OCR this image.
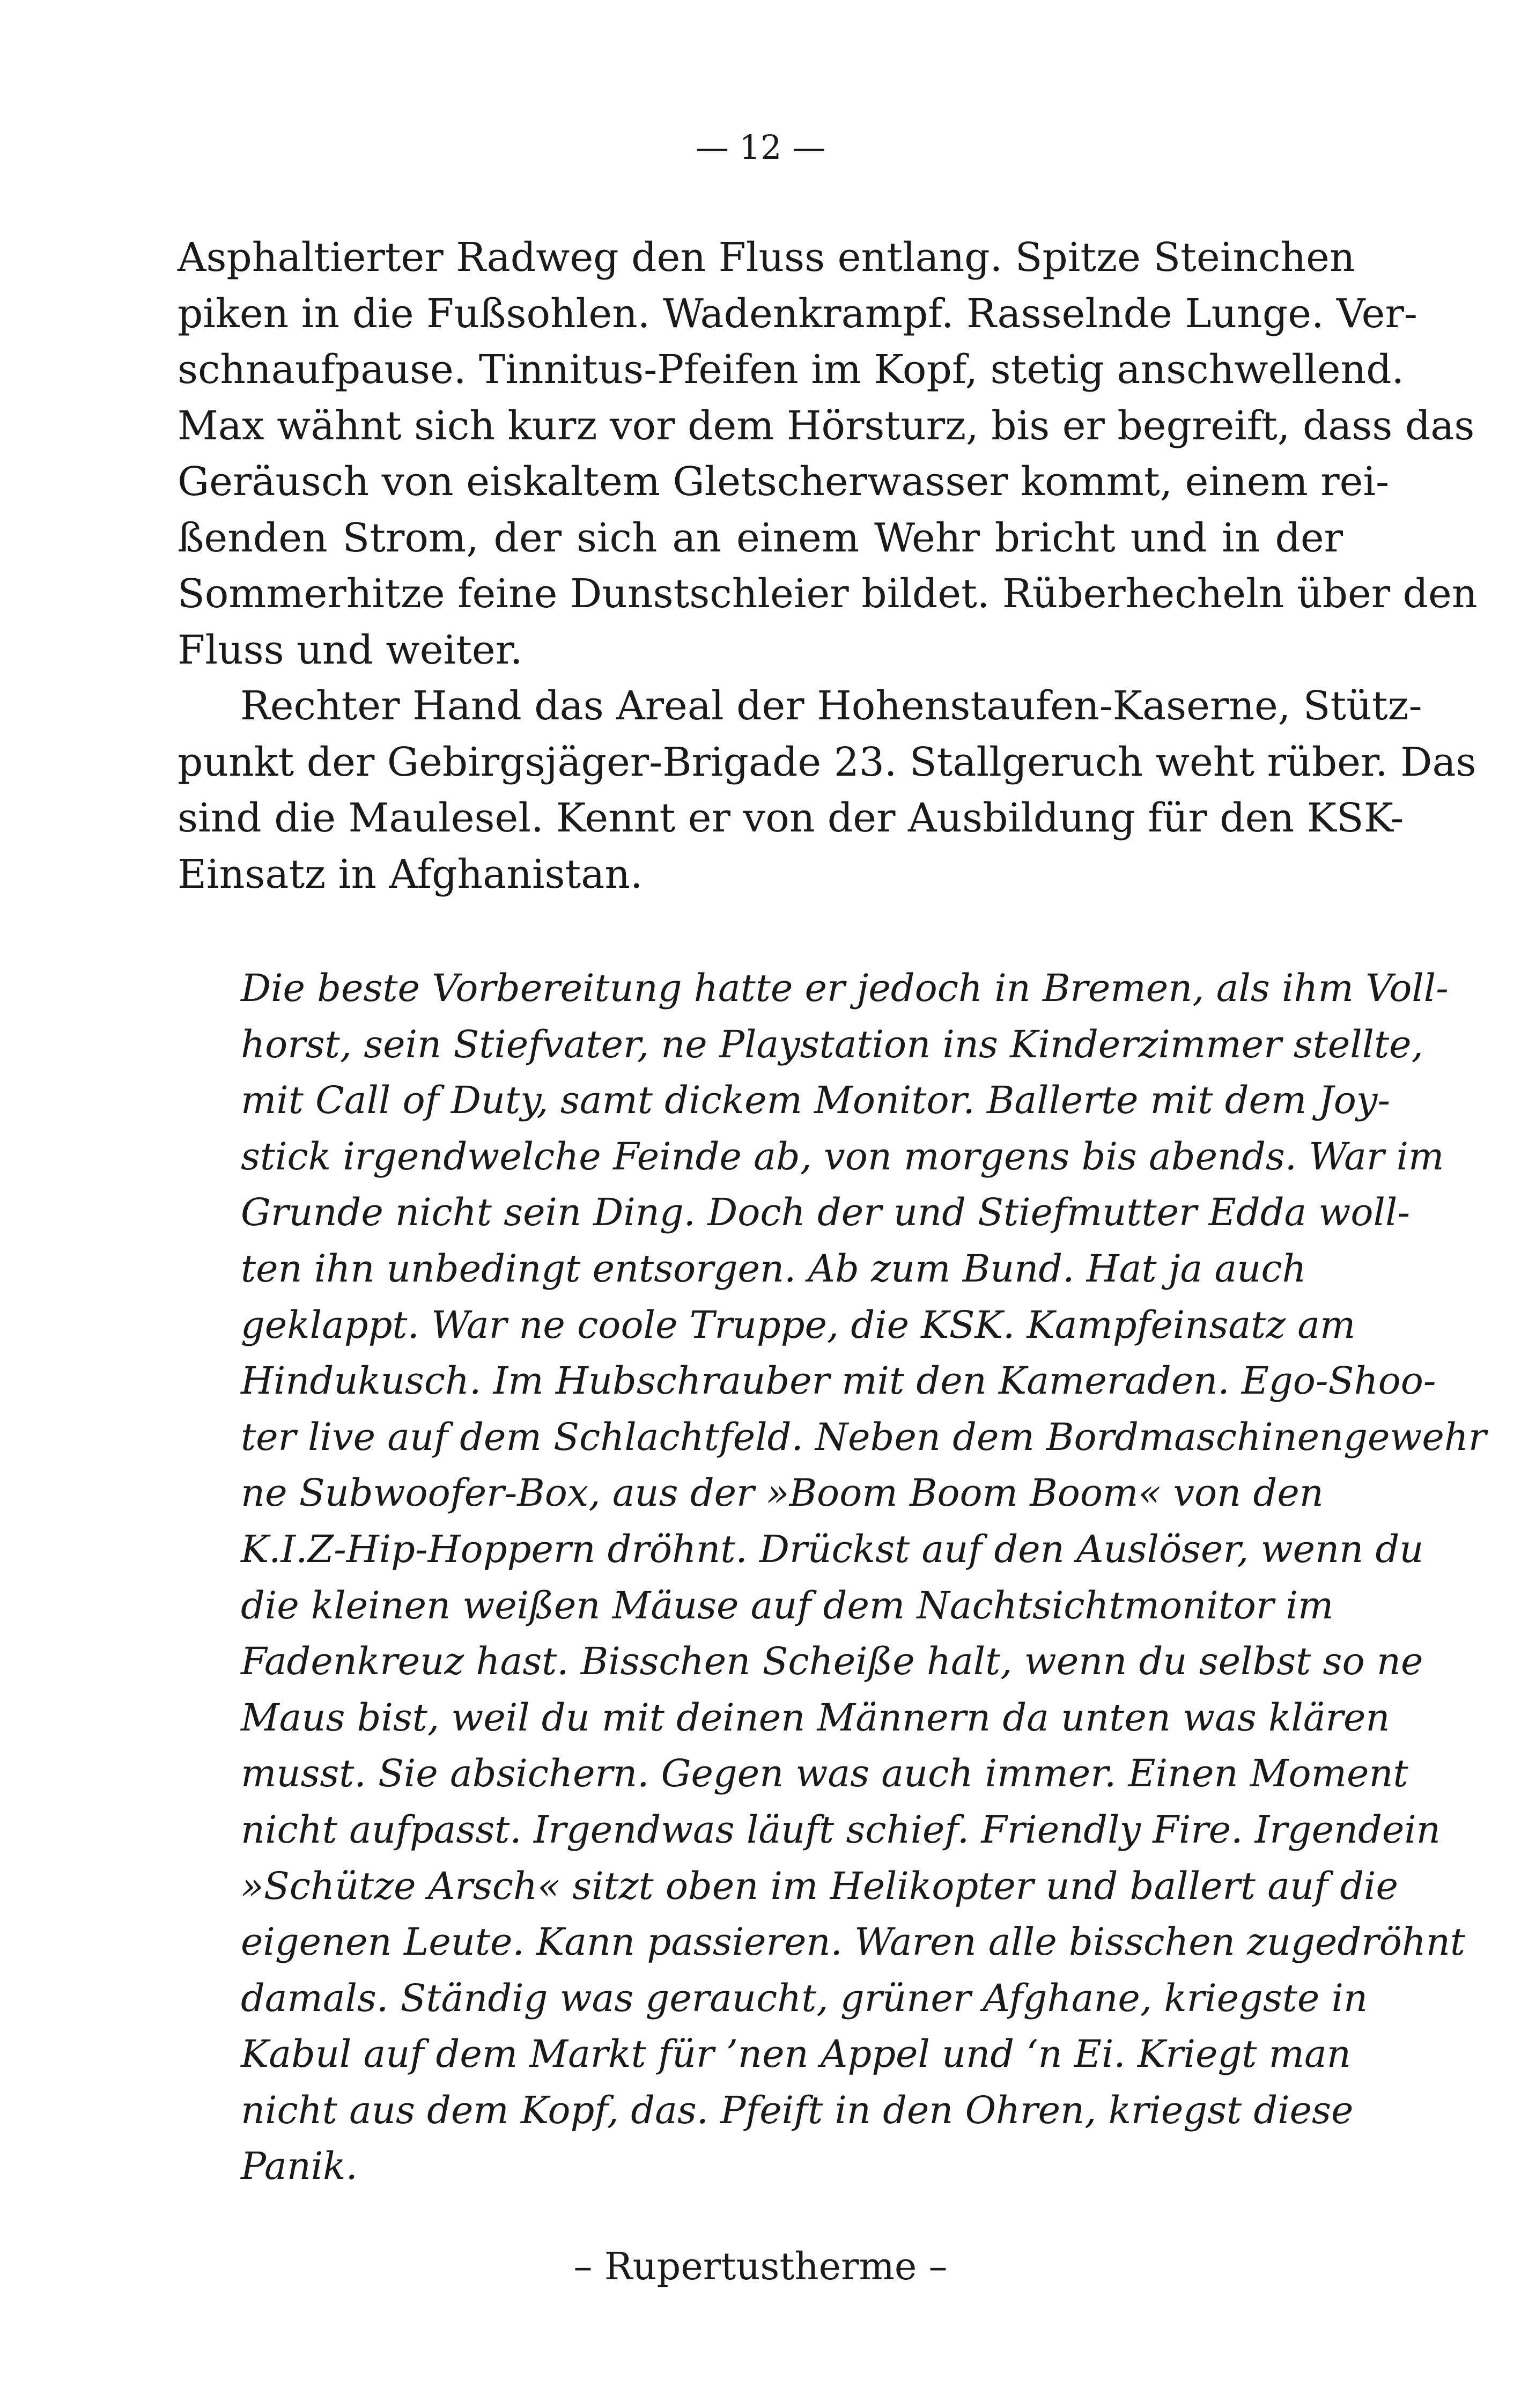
— 12 —

Asphaltierter Radweg den Fluss entlang. Spitze Steinchen
piken in die Fußsohlen. Wadenkrampf. Rasselnde Lunge. Ver-
schnaufpause. Tinnitus-Pfeifen im Kopf, stetig anschwellend.
Max wähnt sich kurz vor dem Hörsturz, bis er begreift, dass das
Geräusch von eiskaltem Gletscherwasser kommt, einem rei-
ßenden Strom, der sich an einem Wehr bricht und in der
Sommerhitze feine Dunstschleier bildet. Rüberhecheln über den
Fluss und weiter.

Rechter Hand das Areal der Hohenstaufen-Kaserne, Stütz-
punkt der Gebirgsjäger-Brigade 23. Stallgeruch weht rüber. Das
sind die Maulesel. Kennt er von der Ausbildung für den KSK-
Einsatz in Afghanistan.

Die beste Vorbereitung hatte er jedoch in Bremen, als ihm Voll-
horst, sein Stiefvater, ne Playstation ins Kinderzimmer stellte,
mit Call of Duty, samt dickem Monitor. Ballerte mit dem Joy-
stick irgendwelche Feinde ab, von morgens bis abends. War im
Grunde nicht sein Ding. Doch der und Stiefmutter Edda woll-
ten ihn unbedingt entsorgen. Ab zum Bund. Hat ja auch
geklappt. War ne coole Truppe, die KSK. Kampfeinsatz am
Hindukusch. Im Hubschrauber mit den Kameraden. Ego-Shoo-
ter live auf dem Schlachtfeld. Neben dem Bordmaschinengewehr
ne Subwoofer-Box, aus der »Boom Boom Boom« von den
K.I.Z-Hip-Hoppern dröhnt. Drückst auf den Auslöser, wenn du
die kleinen weißen Mäuse auf dem Nachtsichtmonitor im
Fadenkreuz hast. Bisschen Scheiße halt, wenn du selbst so ne
Maus bist, weil du mit deinen Männern da unten was klären
musst. Sie absichern. Gegen was auch immer. Einen Moment
nicht aufpasst. Irgendwas läuft schief. Friendly Fire. Irgendein
»Schütze Arsch« sitzt oben im Helikopter und ballert auf die
eigenen Leute. Kann passieren. Waren alle bisschen zugedröhnt
damals. Ständig was geraucht, grüner Afghane, kriegste in
Kabul auf dem Markt für ’nen Appel und ‘n Ei. Kriegt man
nicht aus dem Kopf, das. Pfeift in den Ohren, kriegst diese
Panik.

– Rupertustherme –
